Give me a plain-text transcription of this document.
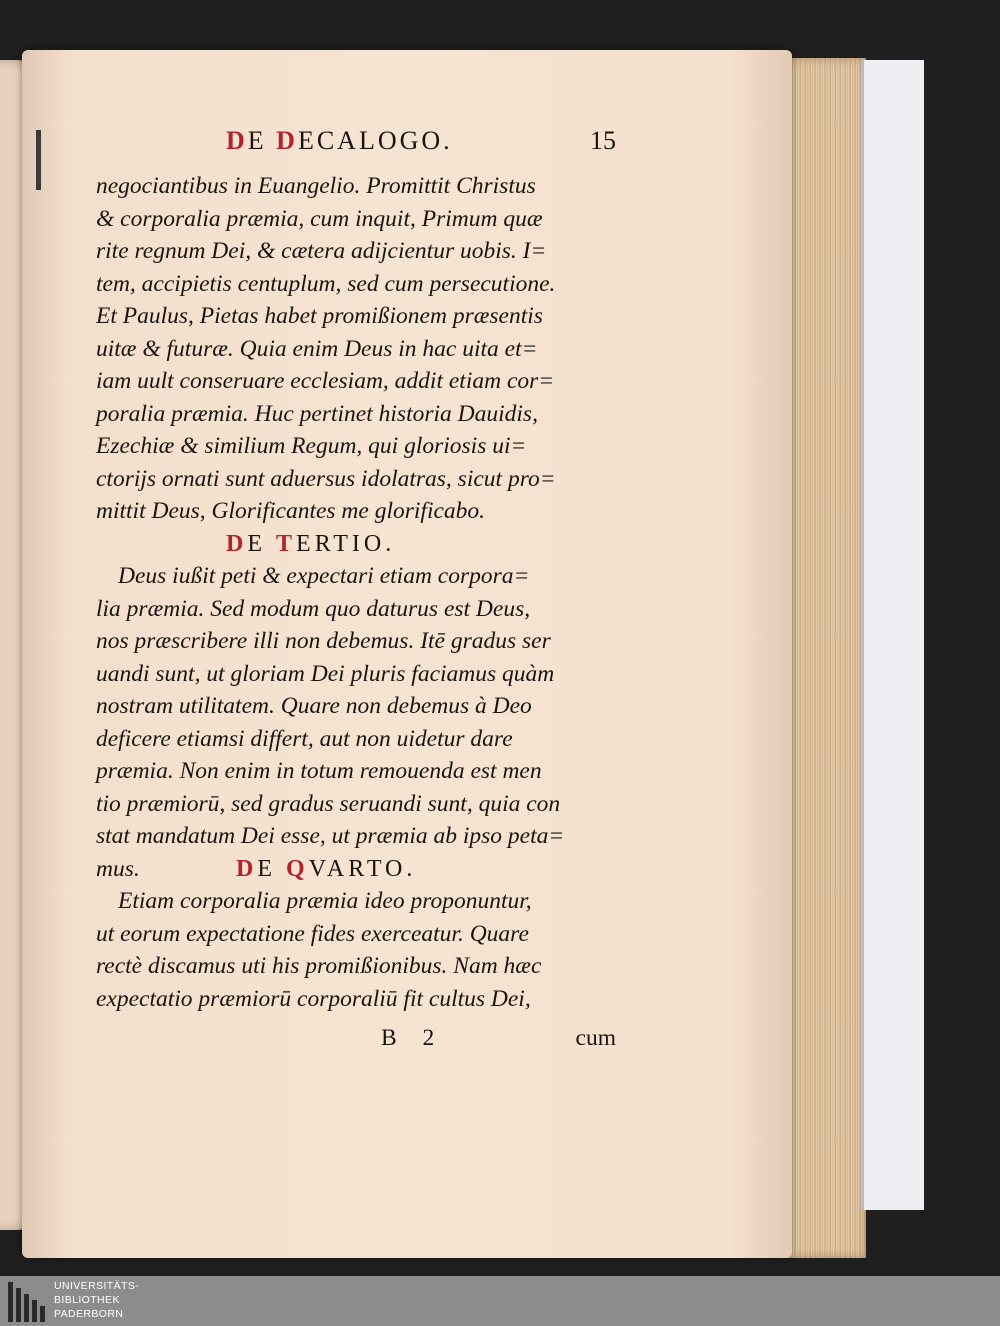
DE DECALOGO.	15
negociantibus in Euangelio. Promittit Christus
& corporalia præmia, cum inquit, Primum quæ
rite regnum Dei, & cætera adijcientur uobis. I=
tem, accipietis centuplum, sed cum persecutione.
Et Paulus, Pietas habet promißionem præsentis
uitæ & futuræ. Quia enim Deus in hac uita et=
iam uult conseruare ecclesiam, addit etiam cor=
poralia præmia. Huc pertinet historia Dauidis,
Ezechiæ & similium Regum, qui gloriosis ui=
ctorijs ornati sunt aduersus idolatras, sicut pro=
mittit Deus, Glorificantes me glorificabo.
DE TERTIO.
Deus iußit peti & expectari etiam corpora=
lia præmia. Sed modum quo daturus est Deus,
nos præscribere illi non debemus. Itē gradus ser
uandi sunt, ut gloriam Dei pluris faciamus quàm
nostram utilitatem. Quare non debemus à Deo
deficere etiamsi differt, aut non uidetur dare
præmia. Non enim in totum remouenda est men
tio præmiorū, sed gradus seruandi sunt, quia con
stat mandatum Dei esse, ut præmia ab ipso peta=
mus.	DE QVARTO.
Etiam corporalia præmia ideo proponuntur,
ut eorum expectatione fides exerceatur. Quare
rectè discamus uti his promißionibus. Nam hæc
expectatio præmiorū corporaliū fit cultus Dei,
B 2	cum
UNIVERSITÄTS-
BIBLIOTHEK
PADERBORN
